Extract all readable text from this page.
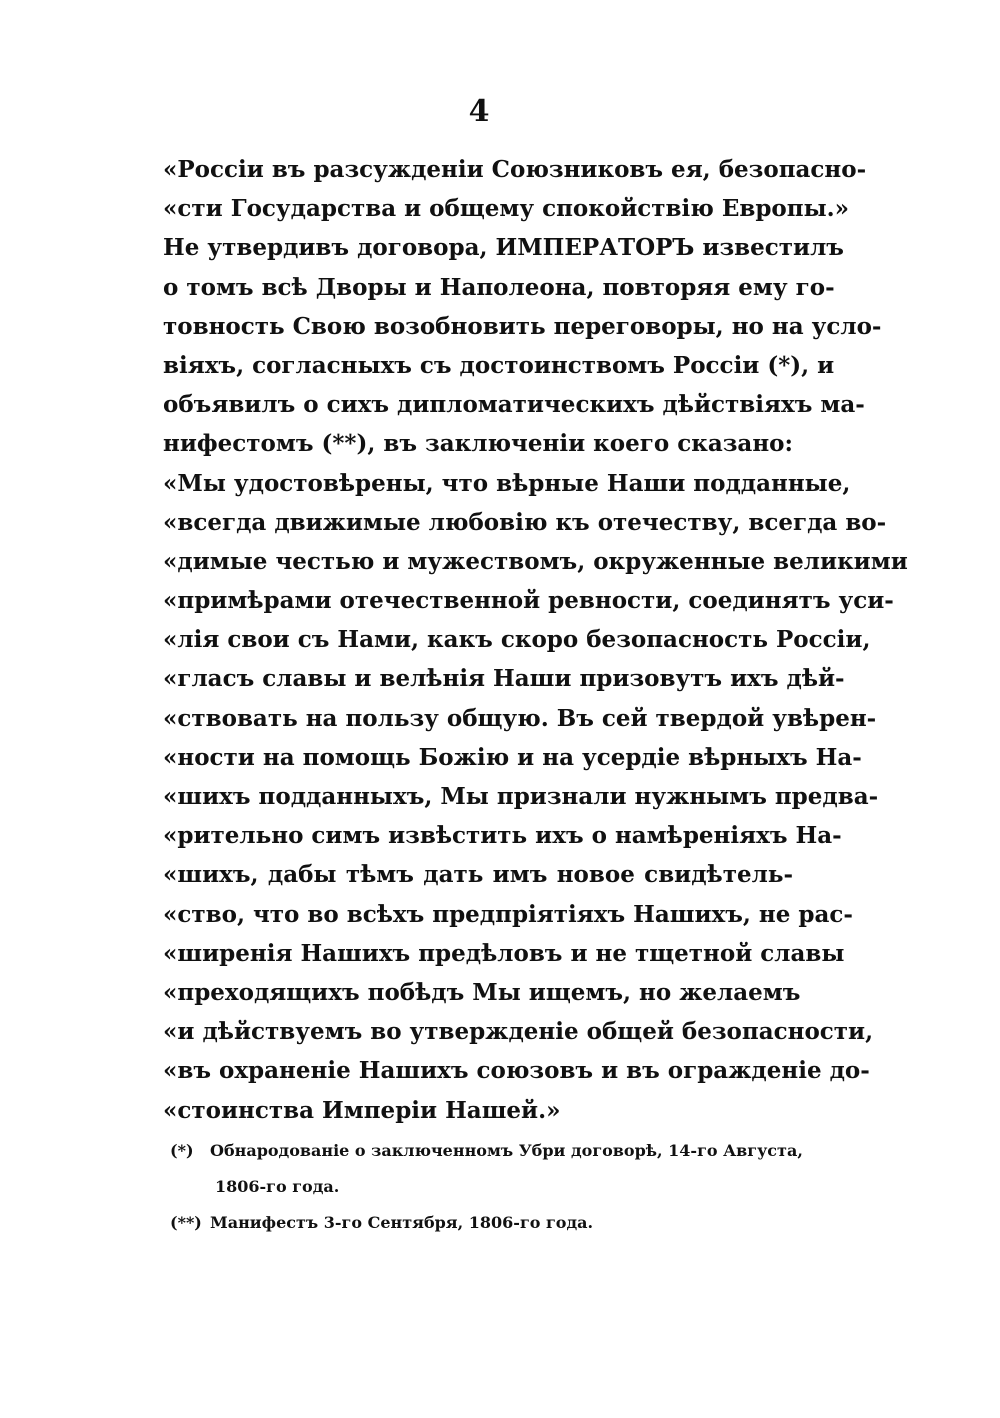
4
«Россіи въ разсужденіи Союзниковъ ея, безопасно-
«сти Государства и общему спокойствію Европы.»
Не утвердивъ договора, ИМПЕРАТОРЪ известилъ
о томъ всѣ Дворы и Наполеона, повторяя ему го-
товность Свою возобновить переговоры, но на усло-
віяхъ, согласныхъ съ достоинствомъ Россіи (*), и
объявилъ о сихъ дипломатическихъ дѣйствіяхъ ма-
нифестомъ (**), въ заключеніи коего сказано:
«Мы удостовѣрены, что вѣрные Наши подданные,
«всегда движимые любовію къ отечеству, всегда во-
«димые честью и мужествомъ, окруженные великими
«примѣрами отечественной ревности, соединятъ уси-
«лія свои съ Нами, какъ скоро безопасность Россіи,
«гласъ славы и велѣнія Наши призовутъ ихъ дѣй-
«ствовать на пользу общую. Въ сей твердой увѣрен-
«ности на помощь Божію и на усердіе вѣрныхъ На-
«шихъ подданныхъ, Мы признали нужнымъ предва-
«рительно симъ извѣстить ихъ о намѣреніяхъ На-
«шихъ, дабы тѣмъ дать имъ новое свидѣтель-
«ство, что во всѣхъ предпріятіяхъ Нашихъ, не рас-
«ширенія Нашихъ предѣловъ и не тщетной славы
«преходящихъ побѣдъ Мы ищемъ, но желаемъ
«и дѣйствуемъ во утвержденіе общей безопасности,
«въ охраненіе Нашихъ союзовъ и въ огражденіе до-
«стоинства Имперіи Нашей.»
(*) Обнародованіе о заключенномъ Убри договорѣ, 14-го Августа,
1806-го года.
(**) Манифестъ 3-го Сентября, 1806-го года.
